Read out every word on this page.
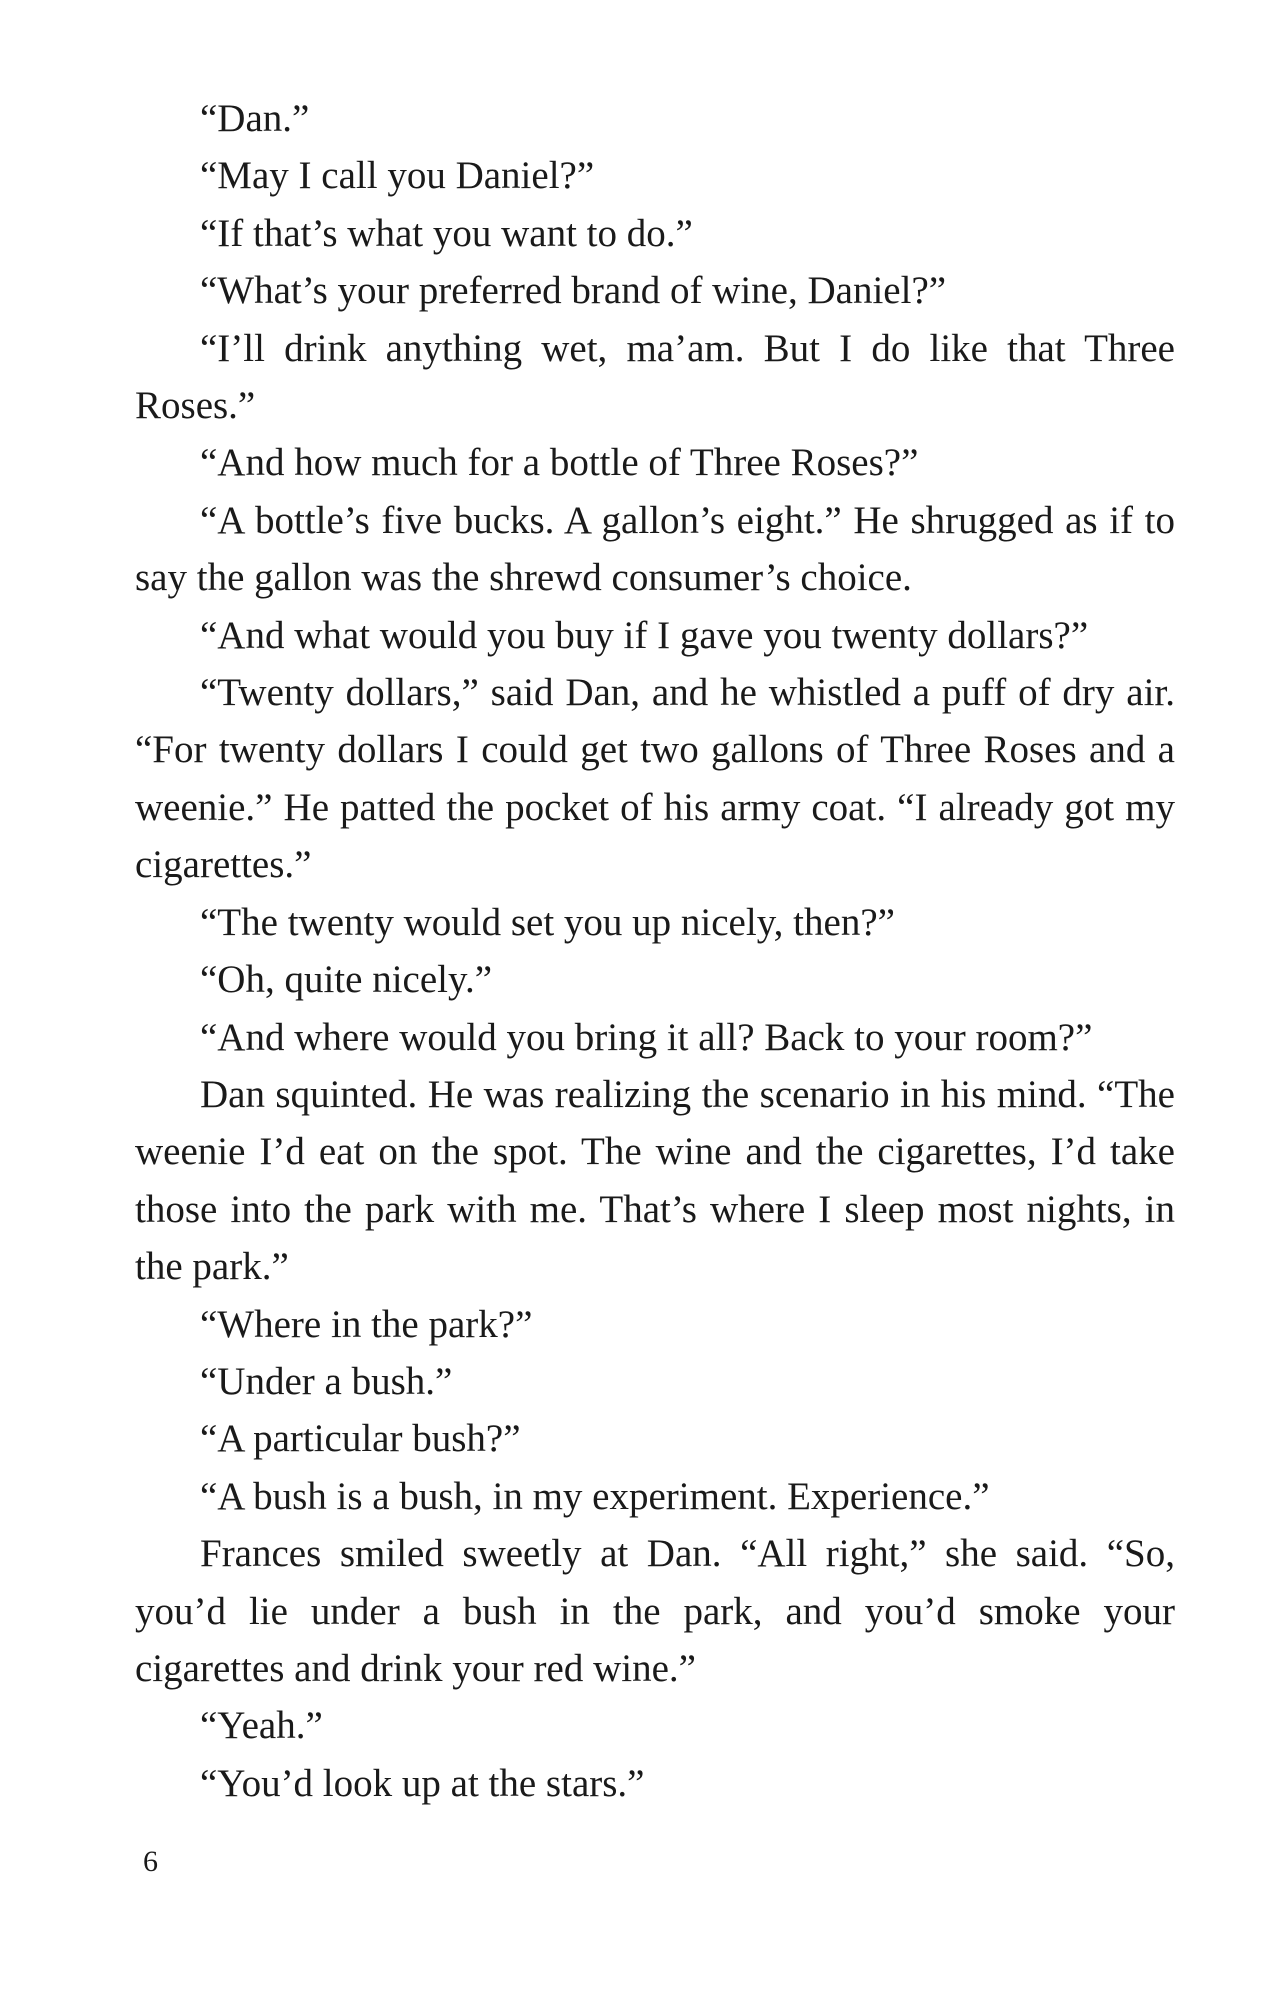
“Dan.”

“May I call you Daniel?”

“If that’s what you want to do.”

“What’s your preferred brand of wine, Daniel?”

“I’ll drink anything wet, ma’am. But I do like that Three Roses.”

“And how much for a bottle of Three Roses?”

“A bottle’s five bucks. A gallon’s eight.” He shrugged as if to say the gallon was the shrewd consumer’s choice.

“And what would you buy if I gave you twenty dollars?”

“Twenty dollars,” said Dan, and he whistled a puff of dry air. “For twenty dollars I could get two gallons of Three Roses and a weenie.” He patted the pocket of his army coat. “I already got my cigarettes.”

“The twenty would set you up nicely, then?”

“Oh, quite nicely.”

“And where would you bring it all? Back to your room?”

Dan squinted. He was realizing the scenario in his mind. “The weenie I’d eat on the spot. The wine and the cigarettes, I’d take those into the park with me. That’s where I sleep most nights, in the park.”

“Where in the park?”

“Under a bush.”

“A particular bush?”

“A bush is a bush, in my experiment. Experience.”

Frances smiled sweetly at Dan. “All right,” she said. “So, you’d lie under a bush in the park, and you’d smoke your cigarettes and drink your red wine.”

“Yeah.”

“You’d look up at the stars.”

6
